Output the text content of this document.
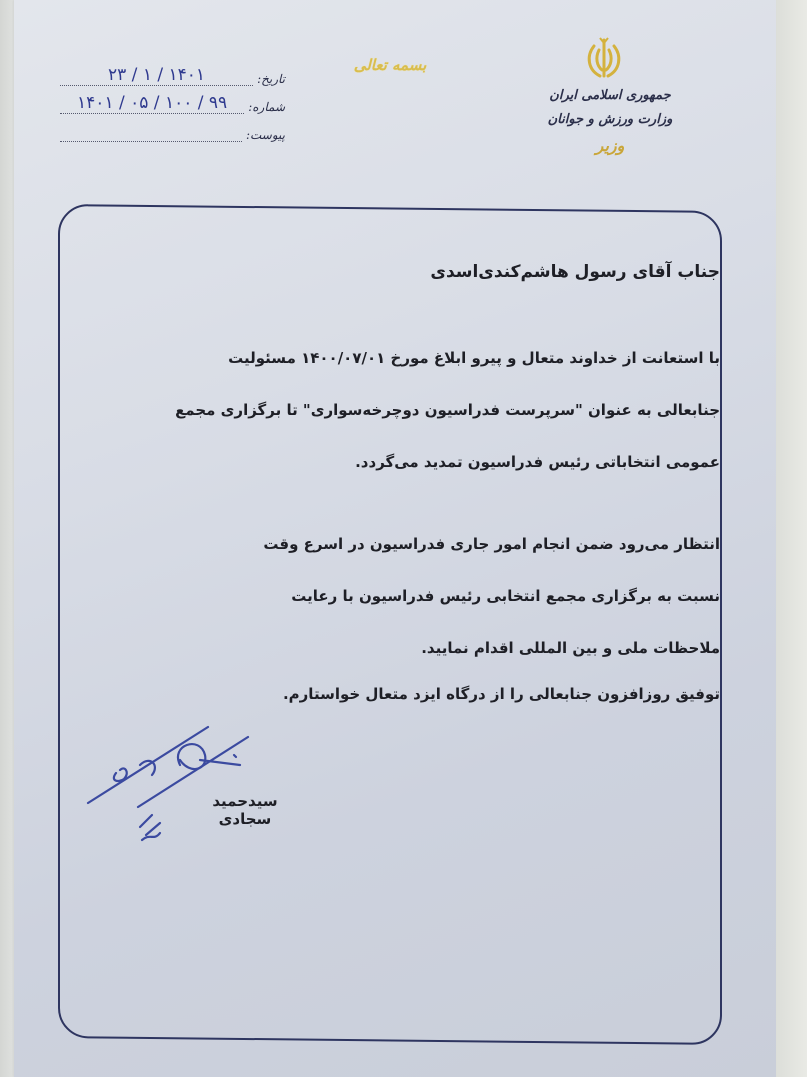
جمهوری اسلامی ایران
وزارت ورزش و جوانان
وزیر
بسمه تعالی
تاریخ:
۱۴۰۱ / ۱ / ۲۳
شماره:
۹۹ / ۱۰۰ / ۰۵ / ۱۴۰۱
پیوست:
جناب آقای رسول هاشم‌کندی‌اسدی
با استعانت از خداوند متعال و پیرو ابلاغ مورخ ۱۴۰۰/۰۷/۰۱ مسئولیت
جنابعالی به عنوان "سرپرست فدراسیون دوچرخه‌سواری" تا برگزاری مجمع
عمومی انتخاباتی رئیس فدراسیون تمدید می‌گردد.
انتظار می‌رود ضمن انجام امور جاری فدراسیون در اسرع وقت
نسبت به برگزاری مجمع انتخابی رئیس فدراسیون با رعایت
ملاحظات ملی و بین المللی اقدام نمایید.
توفیق روزافزون جنابعالی را از درگاه ایزد متعال خواستارم.
سیدحمید سجادی
